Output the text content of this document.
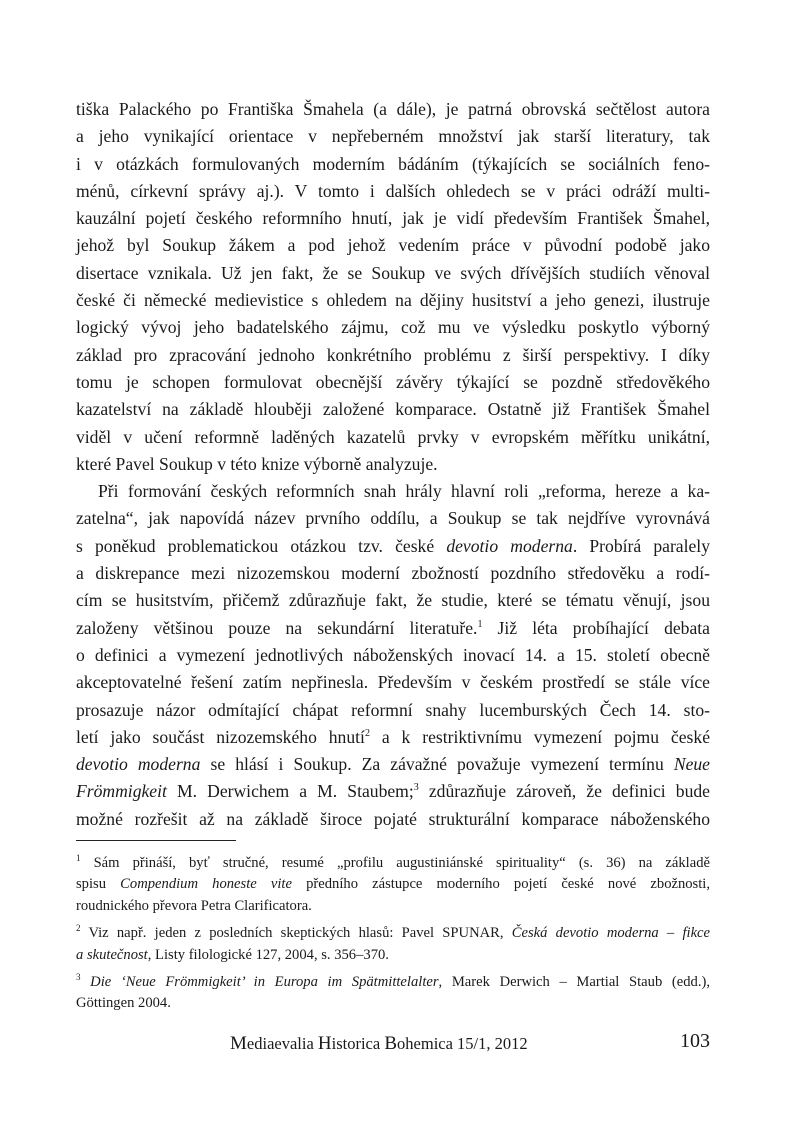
tiška Palackého po Františka Šmahela (a dále), je patrná obrovská sečtělost autora
a jeho vynikající orientace v nepřeberném množství jak starší literatury, tak
i v otázkách formulovaných moderním bádáním (týkajících se sociálních feno-
ménů, církevní správy aj.). V tomto i dalších ohledech se v práci odráží multi-
kauzální pojetí českého reformního hnutí, jak je vidí především František Šmahel,
jehož byl Soukup žákem a pod jehož vedením práce v původní podobě jako
disertace vznikala. Už jen fakt, že se Soukup ve svých dřívějších studiích věnoval
české či německé medievistice s ohledem na dějiny husitství a jeho genezi, ilustruje
logický vývoj jeho badatelského zájmu, což mu ve výsledku poskytlo výborný
základ pro zpracování jednoho konkrétního problému z širší perspektivy. I díky
tomu je schopen formulovat obecnější závěry týkající se pozdně středověkého
kazatelství na základě hlouběji založené komparace. Ostatně již František Šmahel
viděl v učení reformně laděných kazatelů prvky v evropském měřítku unikátní,
které Pavel Soukup v této knize výborně analyzuje.
Při formování českých reformních snah hrály hlavní roli „reforma, hereze a ka-
zatelna“, jak napovídá název prvního oddílu, a Soukup se tak nejdříve vyrovnává
s poněkud problematickou otázkou tzv. české devotio moderna. Probírá paralely
a diskrepance mezi nizozemskou moderní zbožností pozdního středověku a rodí-
cím se husitstvím, přičemž zdůrazňuje fakt, že studie, které se tématu věnují, jsou
založeny většinou pouze na sekundární literatuře.$^1$ Již léta probíhající debata
o definici a vymezení jednotlivých náboženských inovací 14. a 15. století obecně
akceptovatelné řešení zatím nepřinesla. Především v českém prostředí se stále více
prosazuje názor odmítající chápat reformní snahy lucemburských Čech 14. sto-
letí jako součást nizozemského hnutí$^2$ a k restriktivnímu vymezení pojmu české
devotio moderna se hlásí i Soukup. Za závažné považuje vymezení termínu Neue
Frömmigkeit M. Derwichem a M. Staubem;$^3$ zdůrazňuje zároveň, že definici bude
možné rozřešit až na základě široce pojaté strukturální komparace náboženského
$^1$ Sám přináší, byť stručné, resumé „profilu augustiniánské spirituality“ (s. 36) na základě
spisu Compendium honeste vite předního zástupce moderního pojetí české nové zbožnosti,
roudnického převora Petra Clarificatora.
$^2$ Viz např. jeden z posledních skeptických hlasů: Pavel SPUNAR, Česká devotio moderna – fikce
a skutečnost, Listy filologické 127, 2004, s. 356–370.
$^3$ Die ‘Neue Frömmigkeit’ in Europa im Spätmittelalter, Marek Derwich – Martial Staub (edd.),
Göttingen 2004.
Mediaevalia Historica Bohemica 15/1, 2012	103
